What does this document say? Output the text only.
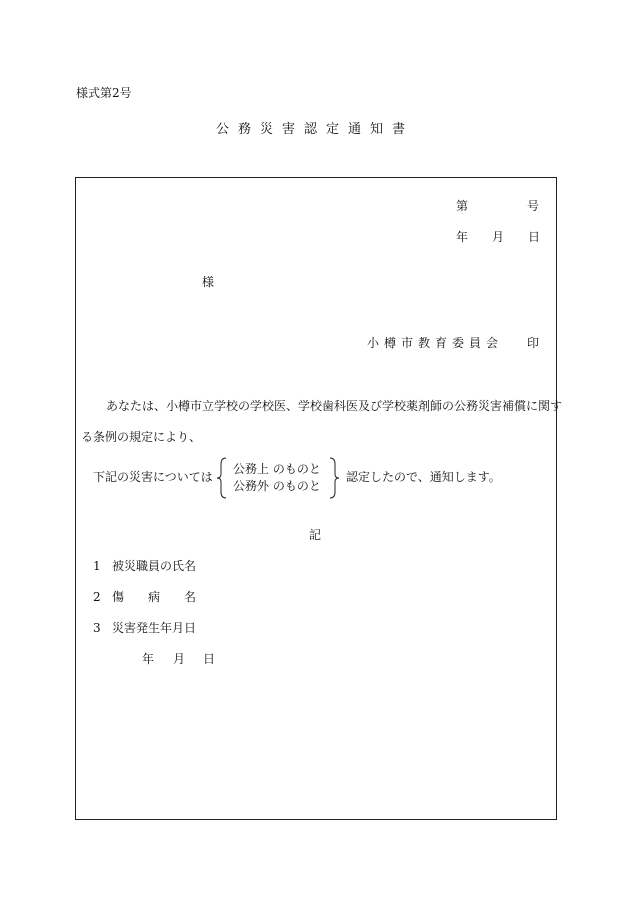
様式第2号
公務災害認定通知書
第	号
年 月 日
様
小樽市教育委員会 印
あなたは、小樽市立学校の学校医、学校歯科医及び学校薬剤師の公務災害補償に関す
る条例の規定により、
下記の災害については
公務上 のものと
公務外 のものと
認定したので、通知します。
記
1 被災職員の氏名
2 傷　　病　　名
3 災害発生年月日
年 月 日
